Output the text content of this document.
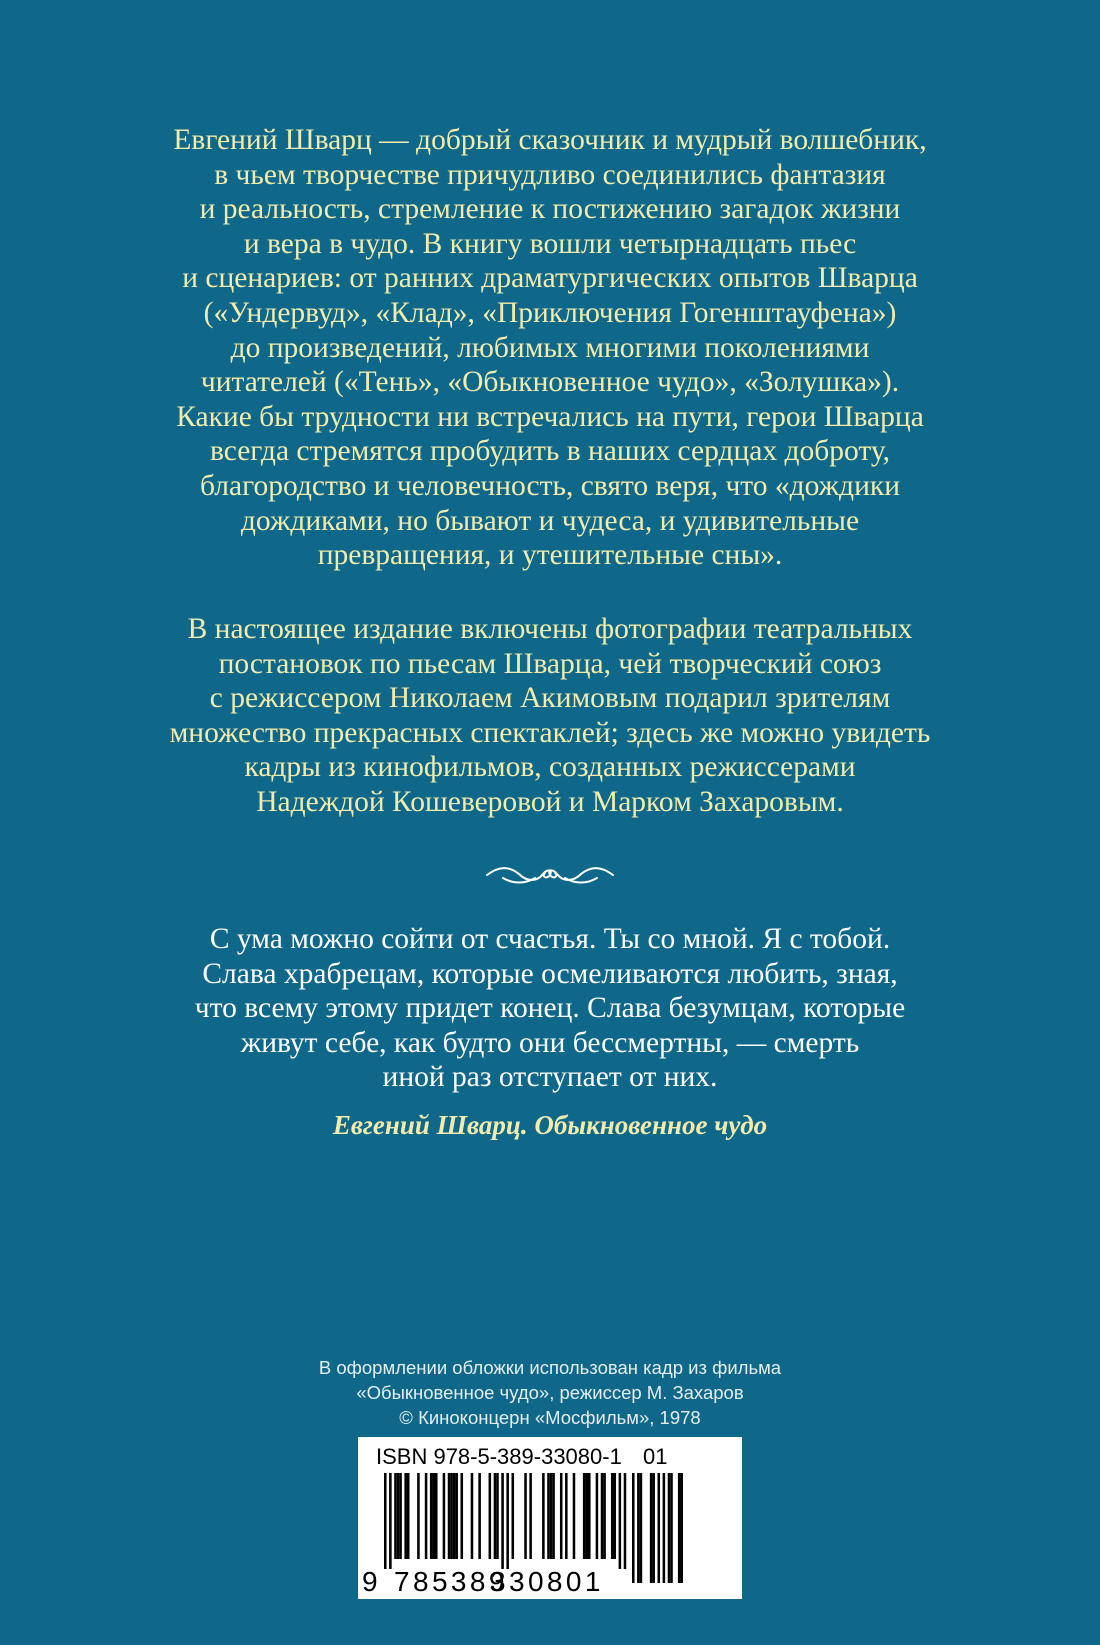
Евгений Шварц — добрый сказочник и мудрый волшебник,
в чьем творчестве причудливо соединились фантазия
и реальность, стремление к постижению загадок жизни
и вера в чудо. В книгу вошли четырнадцать пьес
и сценариев: от ранних драматургических опытов Шварца
(«Ундервуд», «Клад», «Приключения Гогенштауфена»)
до произведений, любимых многими поколениями
читателей («Тень», «Обыкновенное чудо», «Золушка»).
Какие бы трудности ни встречались на пути, герои Шварца
всегда стремятся пробудить в наших сердцах доброту,
благородство и человечность, свято веря, что «дождики
дождиками, но бывают и чудеса, и удивительные
превращения, и утешительные сны».
В настоящее издание включены фотографии театральных
постановок по пьесам Шварца, чей творческий союз
с режиссером Николаем Акимовым подарил зрителям
множество прекрасных спектаклей; здесь же можно увидеть
кадры из кинофильмов, созданных режиссерами
Надеждой Кошеверовой и Марком Захаровым.
С ума можно сойти от счастья. Ты со мной. Я с тобой.
Слава храбрецам, которые осмеливаются любить, зная,
что всему этому придет конец. Слава безумцам, которые
живут себе, как будто они бессмертны, — смерть
иной раз отступает от них.
Евгений Шварц. Обыкновенное чудо
В оформлении обложки использован кадр из фильма
«Обыкновенное чудо», режиссер М. Захаров
© Киноконцерн «Мосфильм», 1978
ISBN 978-5-389-33080-1 01
9 785389
330801
